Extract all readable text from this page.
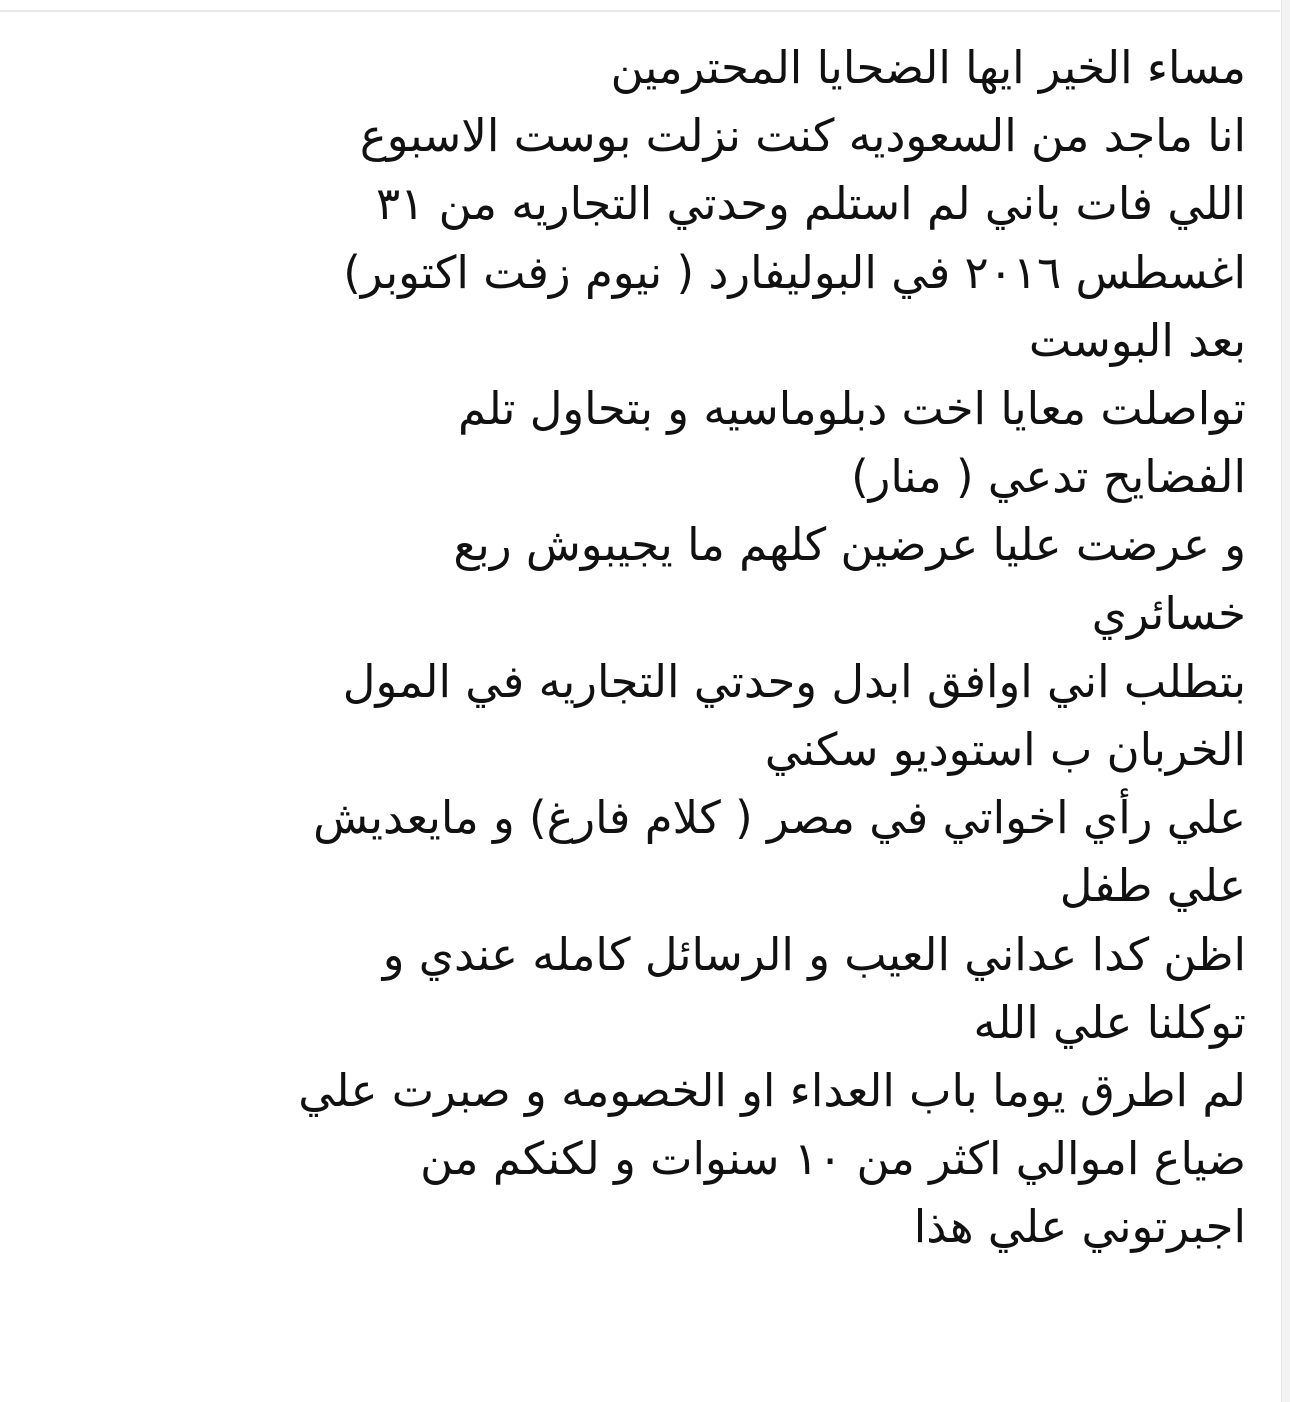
مساء الخير ايها الضحايا المحترمين
انا ماجد من السعوديه كنت نزلت بوست الاسبوع
اللي فات باني لم استلم وحدتي التجاريه من ٣١
اغسطس ٢٠١٦ في البوليفارد ( نيوم زفت اكتوبر)
بعد البوست
تواصلت معايا اخت دبلوماسيه و بتحاول تلم
الفضايح تدعي ( منار)
و عرضت عليا عرضين كلهم ما يجيبوش ربع
خسائري
بتطلب اني اوافق ابدل وحدتي التجاريه في المول
الخربان ب استوديو سكني
علي رأي اخواتي في مصر ( كلام فارغ) و مايعديش
علي طفل
اظن كدا عداني العيب و الرسائل كامله عندي و
توكلنا علي الله
لم اطرق يوما باب العداء او الخصومه و صبرت علي
ضياع اموالي اكثر من ١٠ سنوات و لكنكم من
اجبرتوني علي هذا
